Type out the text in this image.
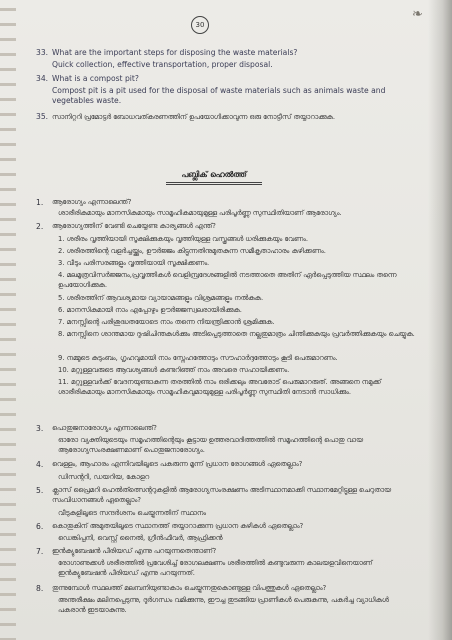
❧
30
33. What are the important steps for disposing the waste materials?
Quick collection, effective transportation, proper disposal.
34. What is a compost pit?
Compost pit is a pit used for the disposal of waste materials such as animals waste and vegetables waste.
35. സാനിറ്ററി പ്രമോട്ടർ ബോധവത്കരണത്തിന് ഉപയോഗിക്കാവുന്ന ഒരു നോട്ടീസ് തയ്യാറാക്കുക.
പബ്ലിക് ഹെൽത്ത്
1. ആരോഗ്യം എന്നാലെന്ത്?
ശാരീരികമായും മാനസികമായും സാമൂഹികമായുമുള്ള പരിപൂർണ്ണ സുസ്ഥിതിയാണ് ആരോഗ്യം.
2. ആരോഗ്യത്തിന് വേണ്ടി ചെയ്യേണ്ട കാര്യങ്ങൾ എന്ത്?
1. ശരീരം വൃത്തിയായി സൂക്ഷിക്കുകയും വൃത്തിയുള്ള വസ്ത്രങ്ങൾ ധരിക്കുകയും വേണം.
2. ശരീരത്തിന്റെ വളർച്ചയ്ക്കും, ഊർജ്ജം കിട്ടുന്നതിനുമുതകുന്ന സമീകൃതാഹാരം കഴിക്കണം.
3. വീടും പരിസരങ്ങളും വൃത്തിയായി സൂക്ഷിക്കണം.
4. മലമൂത്രവിസർജ്ജനം,പ്രവൃത്തികൾ വെളിമ്പ്രദേശങ്ങളിൽ നടത്താതെ അതിന് ഏർപ്പെടുത്തിയ സ്ഥലം തന്നെ ഉപയോഗിക്കുക.
5. ശരീരത്തിന് ആവശ്യമായ വ്യായാമങ്ങളും വിശ്രമങ്ങളും നൽകുക.
6. മാനസികമായി നാം എപ്പോഴും ഊർജ്ജസ്വലരായിരിക്കുക.
7. മനസ്സിന്റെ പരിശുദ്ധതയോടെ നാം തന്നെ നിയന്ത്രിക്കാൻ ശ്രമിക്കുക.
8. മനസ്സിനെ ശാന്തമായ ദുഷിചിന്തകൾക്കും അടിപ്പെടുത്താതെ നല്ലതുമാത്രം ചിന്തിക്കുകയും പ്രവർത്തിക്കുകയും ചെയ്യുക.
9. നമ്മുടെ കുടുംബം, ഗൃഹവുമായി നാം സ്നേഹത്തോടും സൗഹാർദ്ദത്തോടും കൂടി പെരുമാറണം.
10. മറ്റുള്ളവരുടെ ആവശ്യങ്ങൾ കണ്ടറിഞ്ഞ് നാം അവരെ സഹായിക്കണം.
11. മറ്റുള്ളവർക്ക് വേദനയുണ്ടാകുന്ന തരത്തിൽ നാം ഒരിക്കലും അവരോട് പെരുമാറരുത്. അങ്ങനെ നമുക്ക് ശാരീരികമായും മാനസികമായും സാമൂഹികവുമായുമുള്ള പരിപൂർണ്ണ സുസ്ഥിതി നേടാൻ സാധിക്കും.
3. പൊതുജനാരോഗ്യം എന്നാലെന്ത്?
ഓരോ വ്യക്തിയുടെയും സമൂഹത്തിന്റെയും കൂട്ടായ ഉത്തരവാദിത്തത്തിൽ സമൂഹത്തിന്റെ പൊതു വായ ആരോഗ്യസംരക്ഷണമാണ് പൊതുജനാരോഗ്യം.
4. വെള്ളം, ആഹാരം എന്നിവയിലൂടെ പകരുന്ന മൂന്ന് പ്രധാന രോഗങ്ങൾ ഏതെല്ലാം?
ഡിസന്ററി, ഡയറിയ, കോളറ
5. ക്ലാസ് പ്രൈമറി ഹെൽത്ത്സെന്ററുകളിൽ ആരോഗ്യസംരക്ഷണം അടിസ്ഥാനമാക്കി സ്ഥാനമേറ്റിട്ടുള്ള ചെറുതായ സംവിധാനങ്ങൾ ഏതെല്ലാം?
വീടുകളിലൂടെ സന്ദർശനം ചെയ്യുന്നതിന് സ്ഥാനം
6. കൊതുകിന് അമുതയിലൂടെ സ്ഥാനത്ത് തയ്യാറാക്കുന്ന പ്രധാന കുഴികൾ ഏതെല്ലാം?
ഡെങ്കിപ്പനി, വെസ്റ്റ് നൈൽ, ഗ്രീൻഫീവർ, ആഫ്രിക്കൻ
7. ഇൻക്യുബേഷൻ പീരിയഡ് എന്നു പറയുന്നതെന്താണ്?
രോഗാണുക്കൾ ശരീരത്തിൽ പ്രവേശിച്ച് രോഗലക്ഷണം ശരീരത്തിൽ കണ്ടുവരുന്ന കാലയളവിനെയാണ് ഇൻക്യുബേഷൻ പീരിയഡ് എന്നു പറയുന്നത്.
8. തുന്നുമ്പോൾ സ്ഥലത്ത് മലമ്പനിയുണ്ടാകാം ചെയ്യുന്നതുകൊണ്ടുള്ള വിപത്തുകൾ ഏതെല്ലാം?
അന്തരീക്ഷം മലിനപ്പെടുന്നു, ദുർഗന്ധം വമിക്കുന്നു, ഈച്ച തുടങ്ങിയ പ്രാണികൾ പെരുകുന്നു, പകർച്ച വ്യാധികൾ പകരാൻ ഇടയാകുന്നു.
